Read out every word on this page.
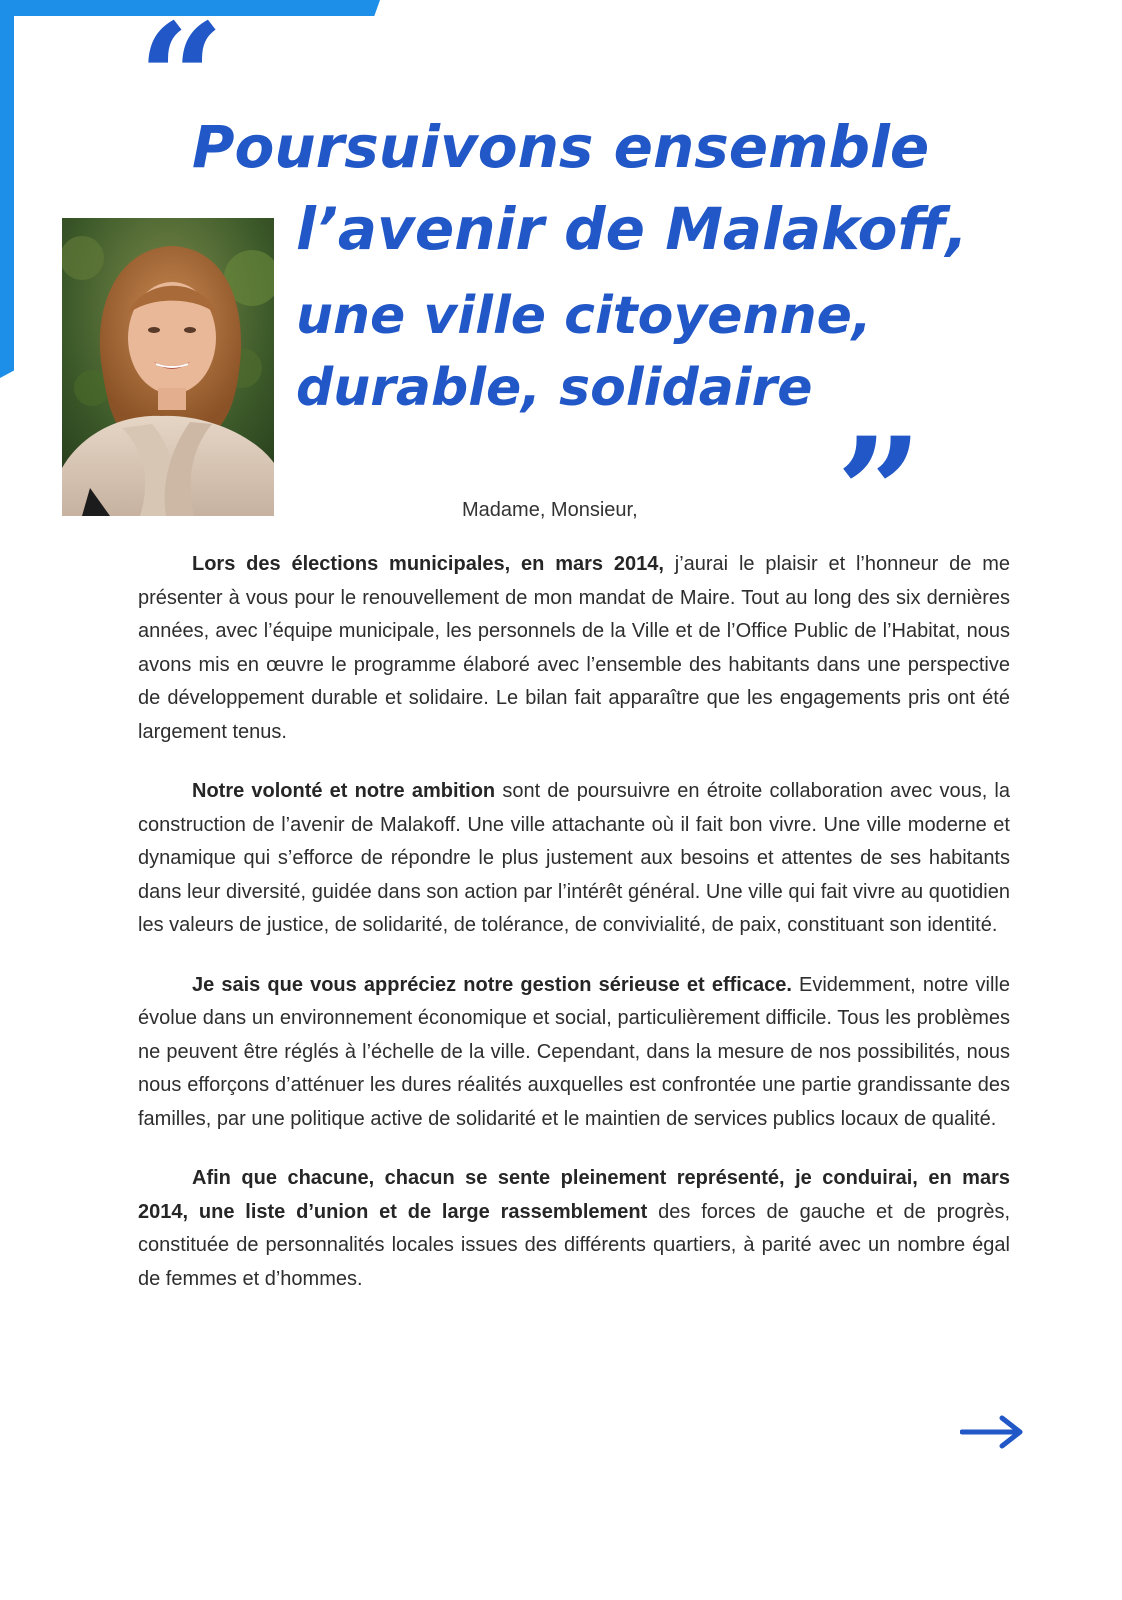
“
Poursuivons ensemble
l’avenir de Malakoff,
une ville citoyenne,
durable, solidaire
”
Madame, Monsieur,

Lors des élections municipales, en mars 2014, j’aurai le plaisir et l’honneur de me présenter à vous pour le renouvellement de mon mandat de Maire. Tout au long des six dernières années, avec l’équipe municipale, les personnels de la Ville et de l’Office Public de l’Habitat, nous avons mis en œuvre le programme élaboré avec l’ensemble des habitants dans une perspective de développement durable et solidaire. Le bilan fait apparaître que les engagements pris ont été largement tenus.

Notre volonté et notre ambition sont de poursuivre en étroite collaboration avec vous, la construction de l’avenir de Malakoff. Une ville attachante où il fait bon vivre. Une ville moderne et dynamique qui s’efforce de répondre le plus justement aux besoins et attentes de ses habitants dans leur diversité, guidée dans son action par l’intérêt général. Une ville qui fait vivre au quotidien les valeurs de justice, de solidarité, de tolérance, de convivialité, de paix, constituant son identité.

Je sais que vous appréciez notre gestion sérieuse et efficace. Evidemment, notre ville évolue dans un environnement économique et social, particulièrement difficile. Tous les problèmes ne peuvent être réglés à l’échelle de la ville. Cependant, dans la mesure de nos possibilités, nous nous efforçons d’atténuer les dures réalités auxquelles est confrontée une partie grandissante des familles, par une politique active de solidarité et le maintien de services publics locaux de qualité.

Afin que chacune, chacun se sente pleinement représenté, je conduirai, en mars 2014, une liste d’union et de large rassemblement des forces de gauche et de progrès, constituée de personnalités locales issues des différents quartiers, à parité avec un nombre égal de femmes et d’hommes.
